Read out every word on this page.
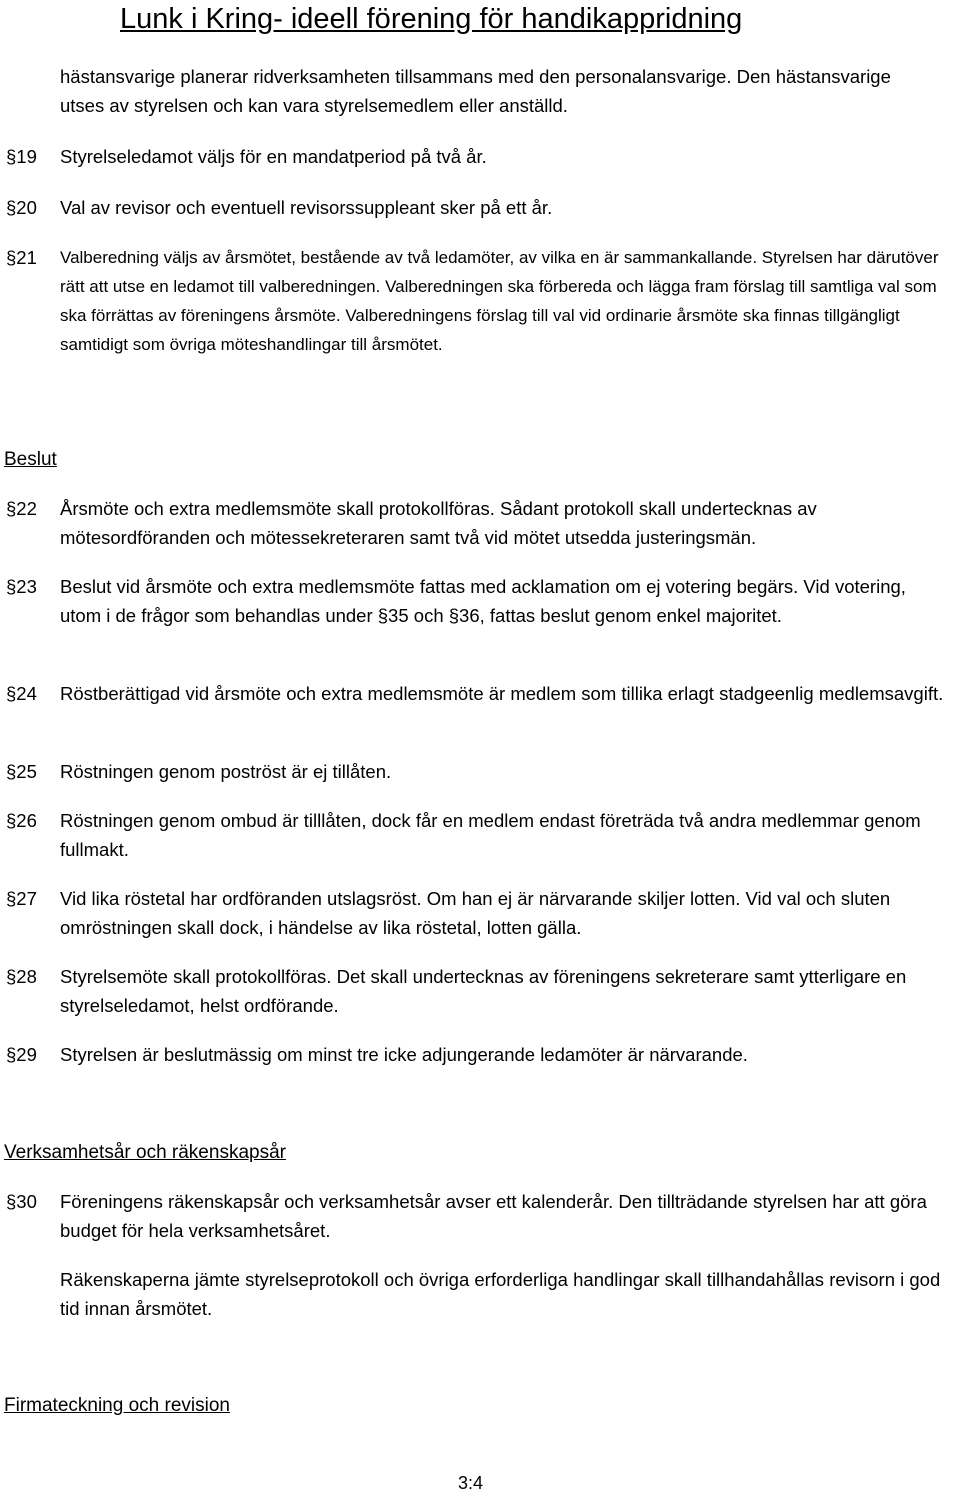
Lunk i Kring- ideell förening för handikappridning
hästansvarige planerar ridverksamheten tillsammans med den personalansvarige. Den hästansvarige utses av styrelsen och kan vara styrelsemedlem eller anställd.
§19 Styrelseledamot väljs för en mandatperiod på två år.
§20 Val av revisor och eventuell revisorssuppleant sker på ett år.
§21 Valberedning väljs av årsmötet, bestående av två ledamöter, av vilka en är sammankallande. Styrelsen har därutöver rätt att utse en ledamot till valberedningen. Valberedningen ska förbereda och lägga fram förslag till samtliga val som ska förrättas av föreningens årsmöte. Valberedningens förslag till val vid ordinarie årsmöte ska finnas tillgängligt samtidigt som övriga möteshandlingar till årsmötet.
Beslut
§22 Årsmöte och extra medlemsmöte skall protokollföras. Sådant protokoll skall undertecknas av mötesordföranden och mötessekreteraren samt två vid mötet utsedda justeringsmän.
§23 Beslut vid årsmöte och extra medlemsmöte fattas med acklamation om ej votering begärs. Vid votering, utom i de frågor som behandlas under §35 och §36, fattas beslut genom enkel majoritet.
§24 Röstberättigad vid årsmöte och extra medlemsmöte är medlem som tillika erlagt stadgeenlig medlemsavgift.
§25 Röstningen genom poströst är ej tillåten.
§26 Röstningen genom ombud är tilllåten, dock får en medlem endast företräda två andra medlemmar genom fullmakt.
§27 Vid lika röstetal har ordföranden utslagsröst. Om han ej är närvarande skiljer lotten. Vid val och sluten omröstningen skall dock, i händelse av lika röstetal, lotten gälla.
§28 Styrelsemöte skall protokollföras. Det skall undertecknas av föreningens sekreterare samt ytterligare en styrelseledamot, helst ordförande.
§29 Styrelsen är beslutmässig om minst tre icke adjungerande ledamöter är närvarande.
Verksamhetsår och räkenskapsår
§30 Föreningens räkenskapsår och verksamhetsår avser ett kalenderår. Den tillträdande styrelsen har att göra budget för hela verksamhetsåret.
Räkenskaperna jämte styrelseprotokoll och övriga erforderliga handlingar skall tillhandahållas revisorn i god tid innan årsmötet.
Firmateckning och revision
3:4
